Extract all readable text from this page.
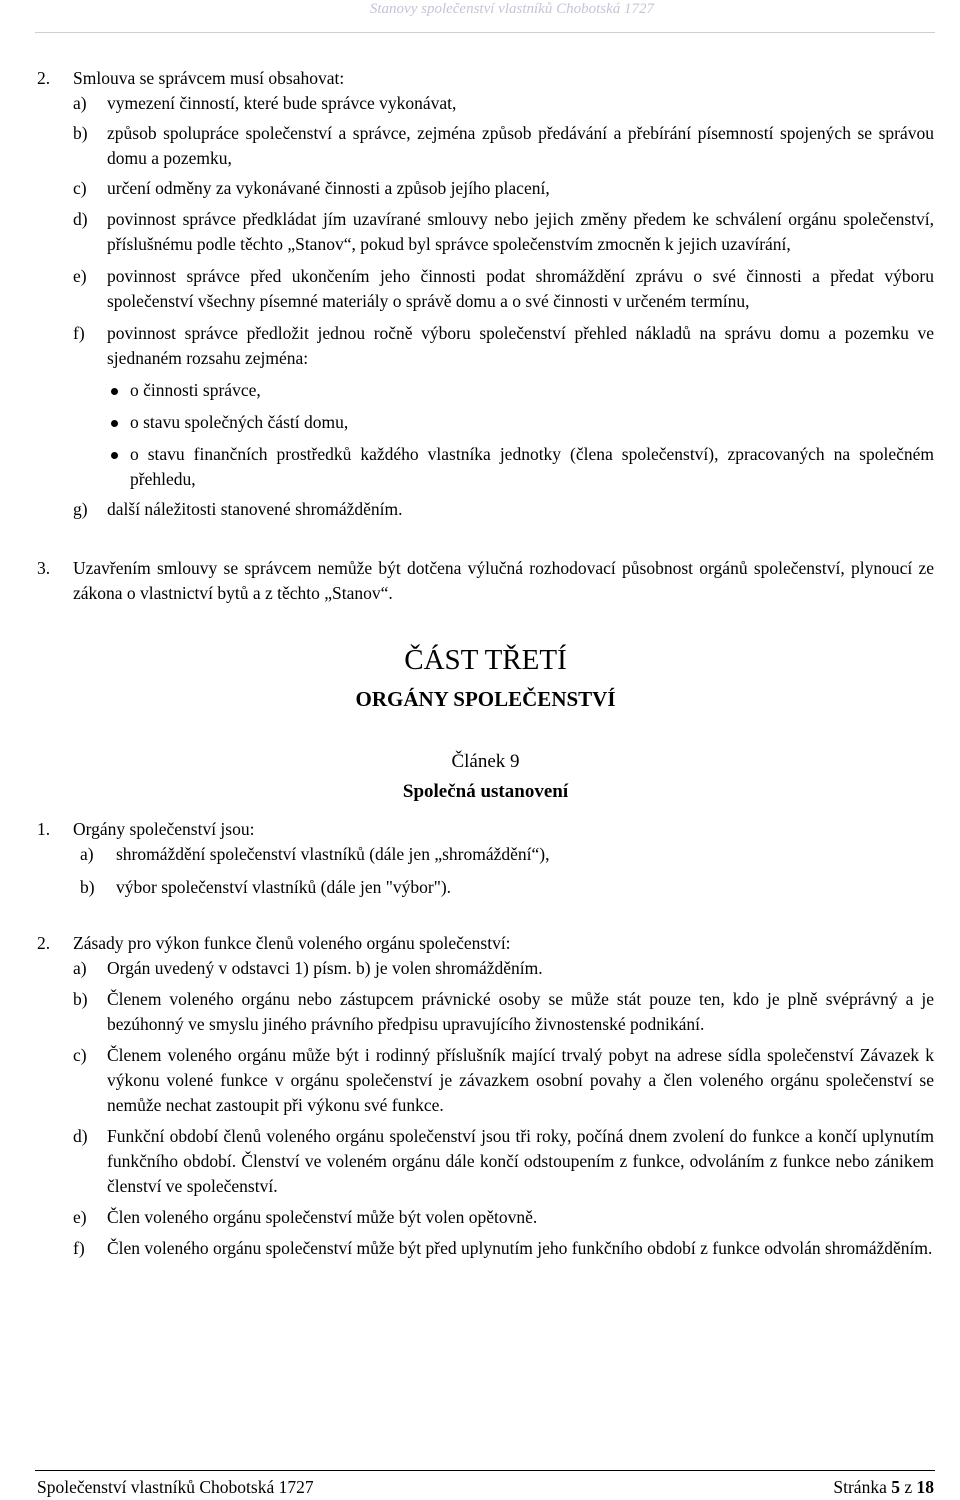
Stanovy společenství vlastníků Chobotská 1727
2. Smlouva se správcem musí obsahovat:

a) vymezení činností, které bude správce vykonávat,

b) způsob spolupráce společenství a správce, zejména způsob předávání a přebírání písemností spojených se správou domu a pozemku,

c) určení odměny za vykonávané činnosti a způsob jejího placení,

d) povinnost správce předkládat jím uzavírané smlouvy nebo jejich změny předem ke schválení orgánu společenství, příslušnému podle těchto „Stanov“, pokud byl správce společenstvím zmocněn k jejich uzavírání,

e) povinnost správce před ukončením jeho činnosti podat shromáždění zprávu o své činnosti a předat výboru společenství všechny písemné materiály o správě domu a o své činnosti v určeném termínu,

f) povinnost správce předložit jednou ročně výboru společenství přehled nákladů na správu domu a pozemku ve sjednaném rozsahu zejména:

o činnosti správce,

o stavu společných částí domu,

o stavu finančních prostředků každého vlastníka jednotky (člena společenství), zpracovaných na společném přehledu,

g) další náležitosti stanovené shromážděním.

3. Uzavřením smlouvy se správcem nemůže být dotčena výlučná rozhodovací působnost orgánů společenství, plynoucí ze zákona o vlastnictví bytů a z těchto „Stanov“.

ČÁST TŘETÍ
ORGÁNY SPOLEČENSTVÍ
Článek 9
Společná ustanovení
1. Orgány společenství jsou:

a) shromáždění společenství vlastníků (dále jen „shromáždění“),

b) výbor společenství vlastníků (dále jen "výbor").

2. Zásady pro výkon funkce členů voleného orgánu společenství:

a) Orgán uvedený v odstavci 1) písm. b) je volen shromážděním.

b) Členem voleného orgánu nebo zástupcem právnické osoby se může stát pouze ten, kdo je plně svéprávný a je bezúhonný ve smyslu jiného právního předpisu upravujícího živnostenské podnikání.

c) Členem voleného orgánu může být i rodinný příslušník mající trvalý pobyt na adrese sídla společenství Závazek k výkonu volené funkce v orgánu společenství je závazkem osobní povahy a člen voleného orgánu společenství se nemůže nechat zastoupit při výkonu své funkce.

d) Funkční období členů voleného orgánu společenství jsou tři roky, počíná dnem zvolení do funkce a končí uplynutím funkčního období. Členství ve voleném orgánu dále končí odstoupením z funkce, odvoláním z funkce nebo zánikem členství ve společenství.

e) Člen voleného orgánu společenství může být volen opětovně.

f) Člen voleného orgánu společenství může být před uplynutím jeho funkčního období z funkce odvolán shromážděním.

Společenství vlastníků Chobotská 1727	Stránka 5 z 18
